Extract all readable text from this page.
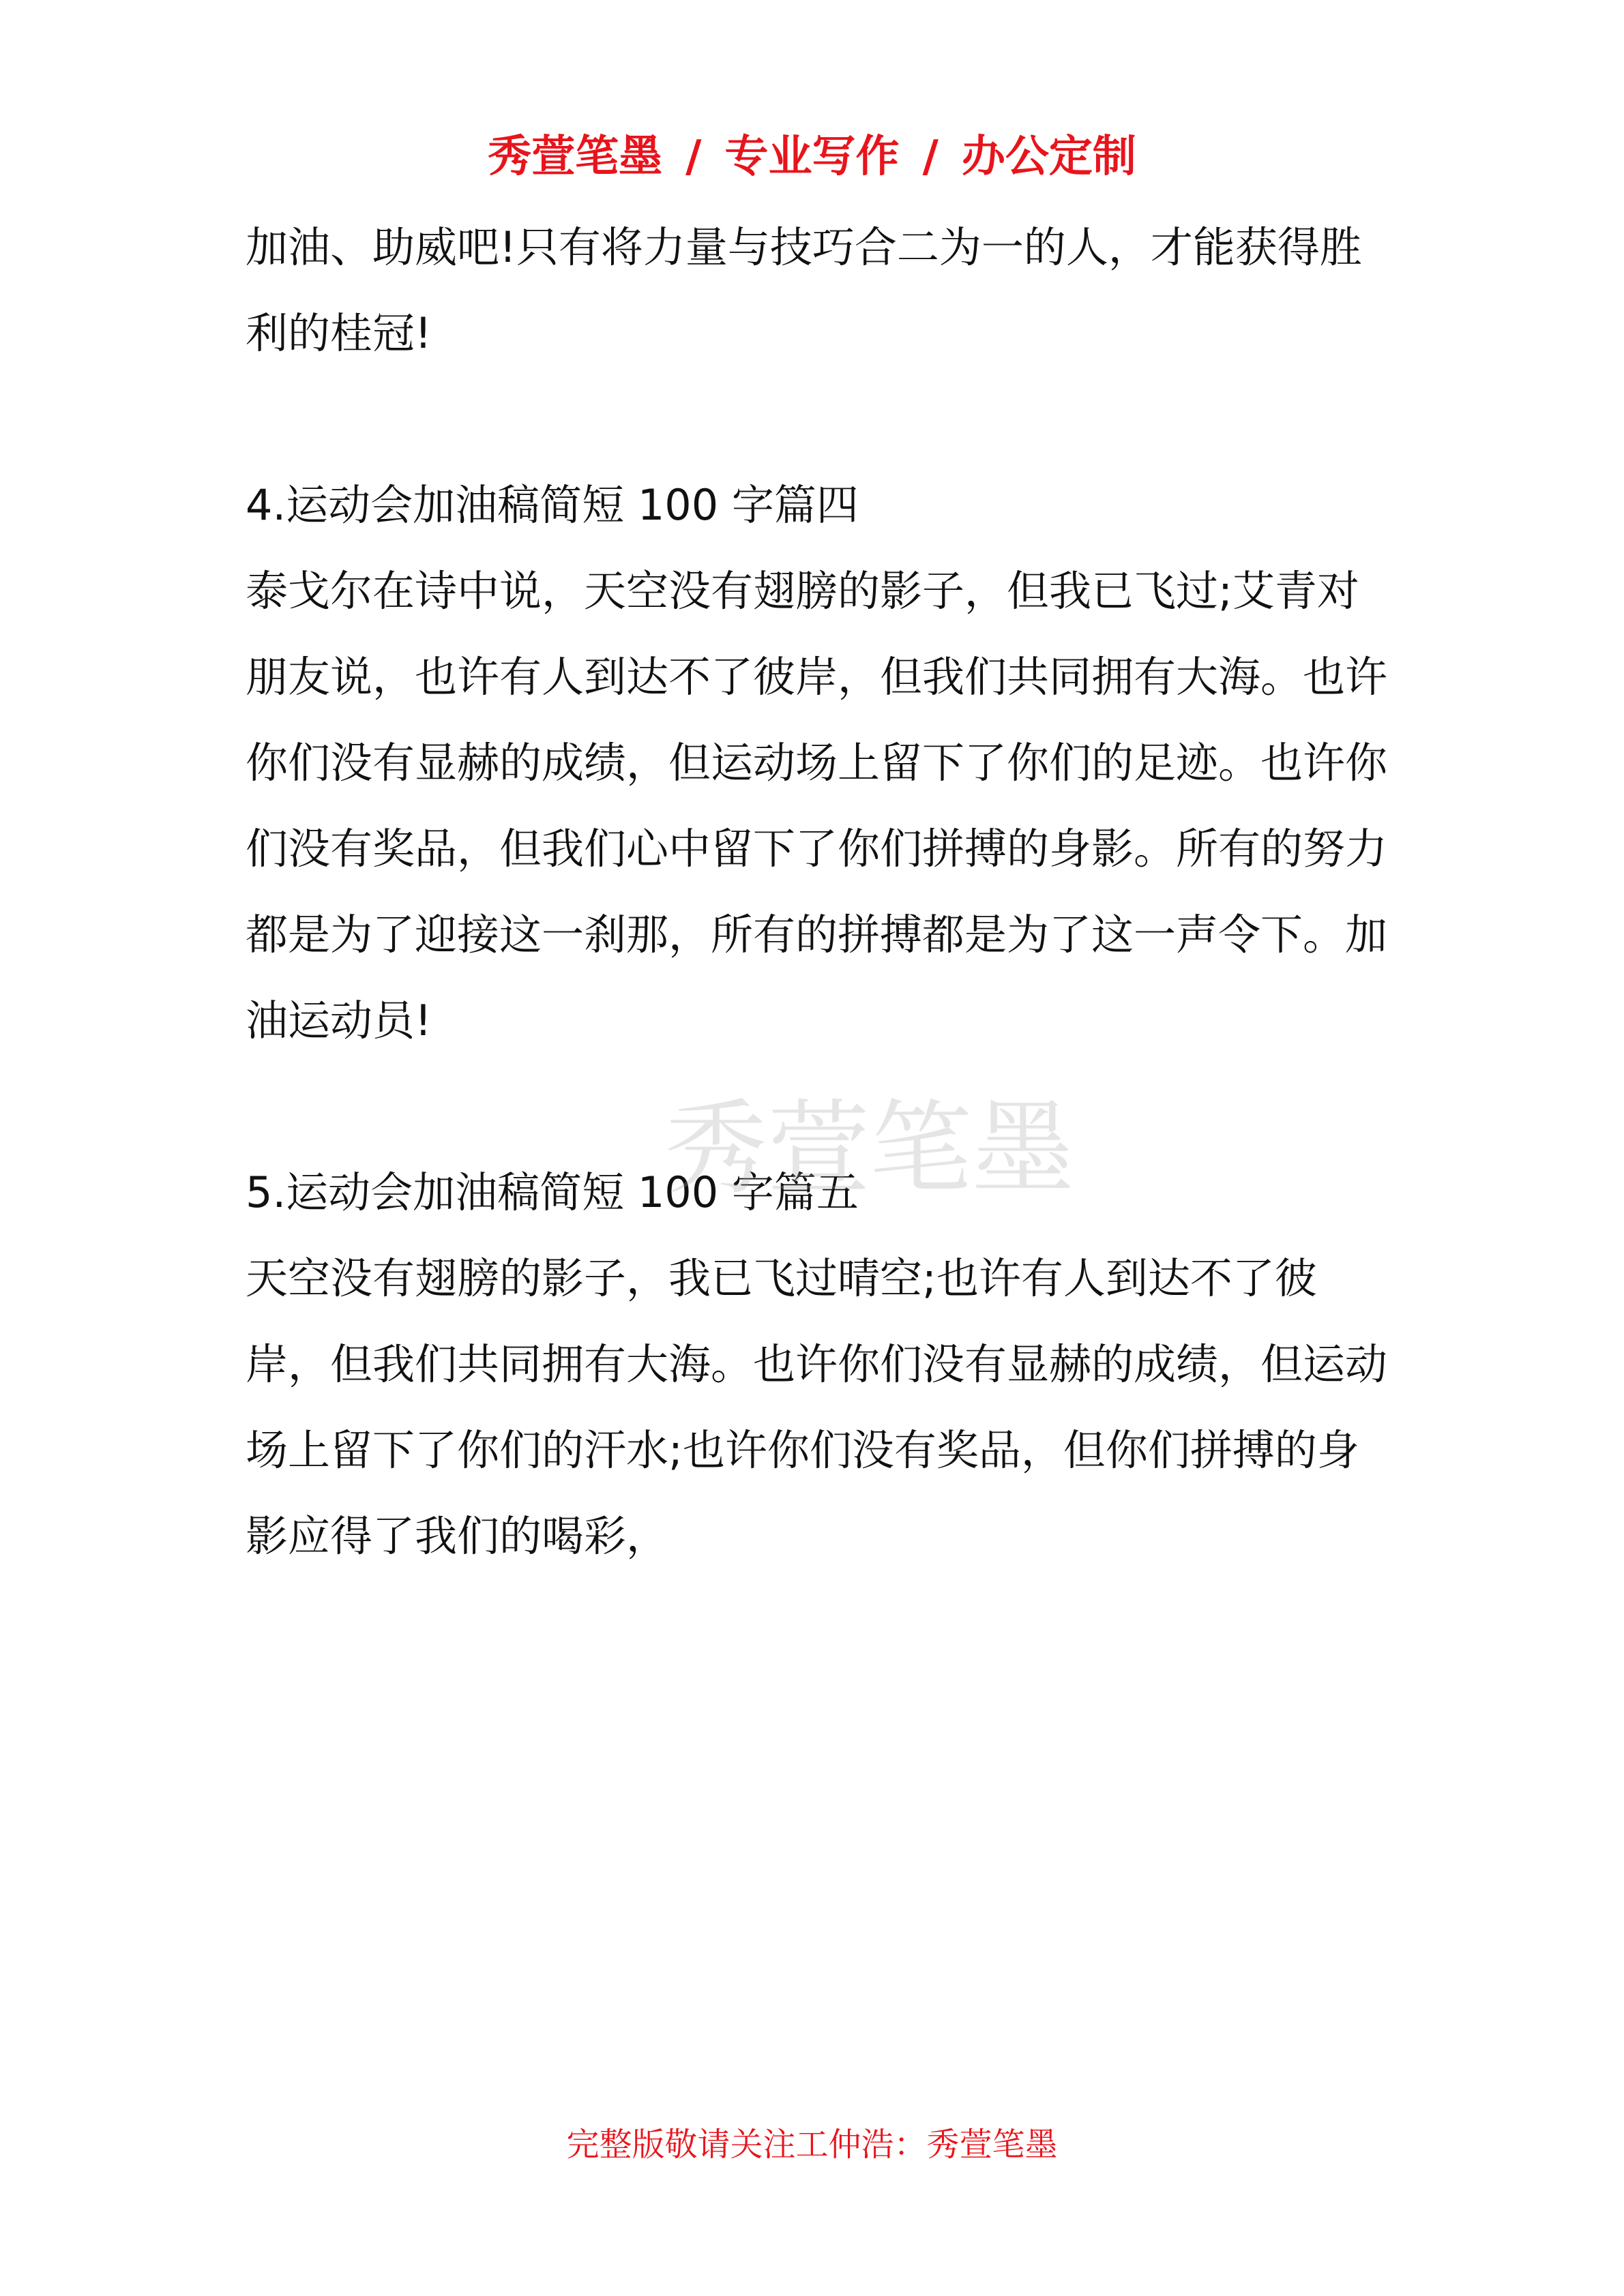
秀萱笔墨 / 专业写作 / 办公定制

加油、助威吧!只有将力量与技巧合二为一的人，才能获得胜利的桂冠!

4.运动会加油稿简短 100 字篇四

泰戈尔在诗中说，天空没有翅膀的影子，但我已飞过;艾青对朋友说，也许有人到达不了彼岸，但我们共同拥有大海。也许你们没有显赫的成绩，但运动场上留下了你们的足迹。也许你们没有奖品，但我们心中留下了你们拼搏的身影。所有的努力都是为了迎接这一刹那，所有的拼搏都是为了这一声令下。加油运动员!

5.运动会加油稿简短 100 字篇五

天空没有翅膀的影子，我已飞过晴空;也许有人到达不了彼岸，但我们共同拥有大海。也许你们没有显赫的成绩，但运动场上留下了你们的汗水;也许你们没有奖品，但你们拼搏的身影应得了我们的喝彩，

秀萱笔墨
完整版敬请关注工仲浩：秀萱笔墨
